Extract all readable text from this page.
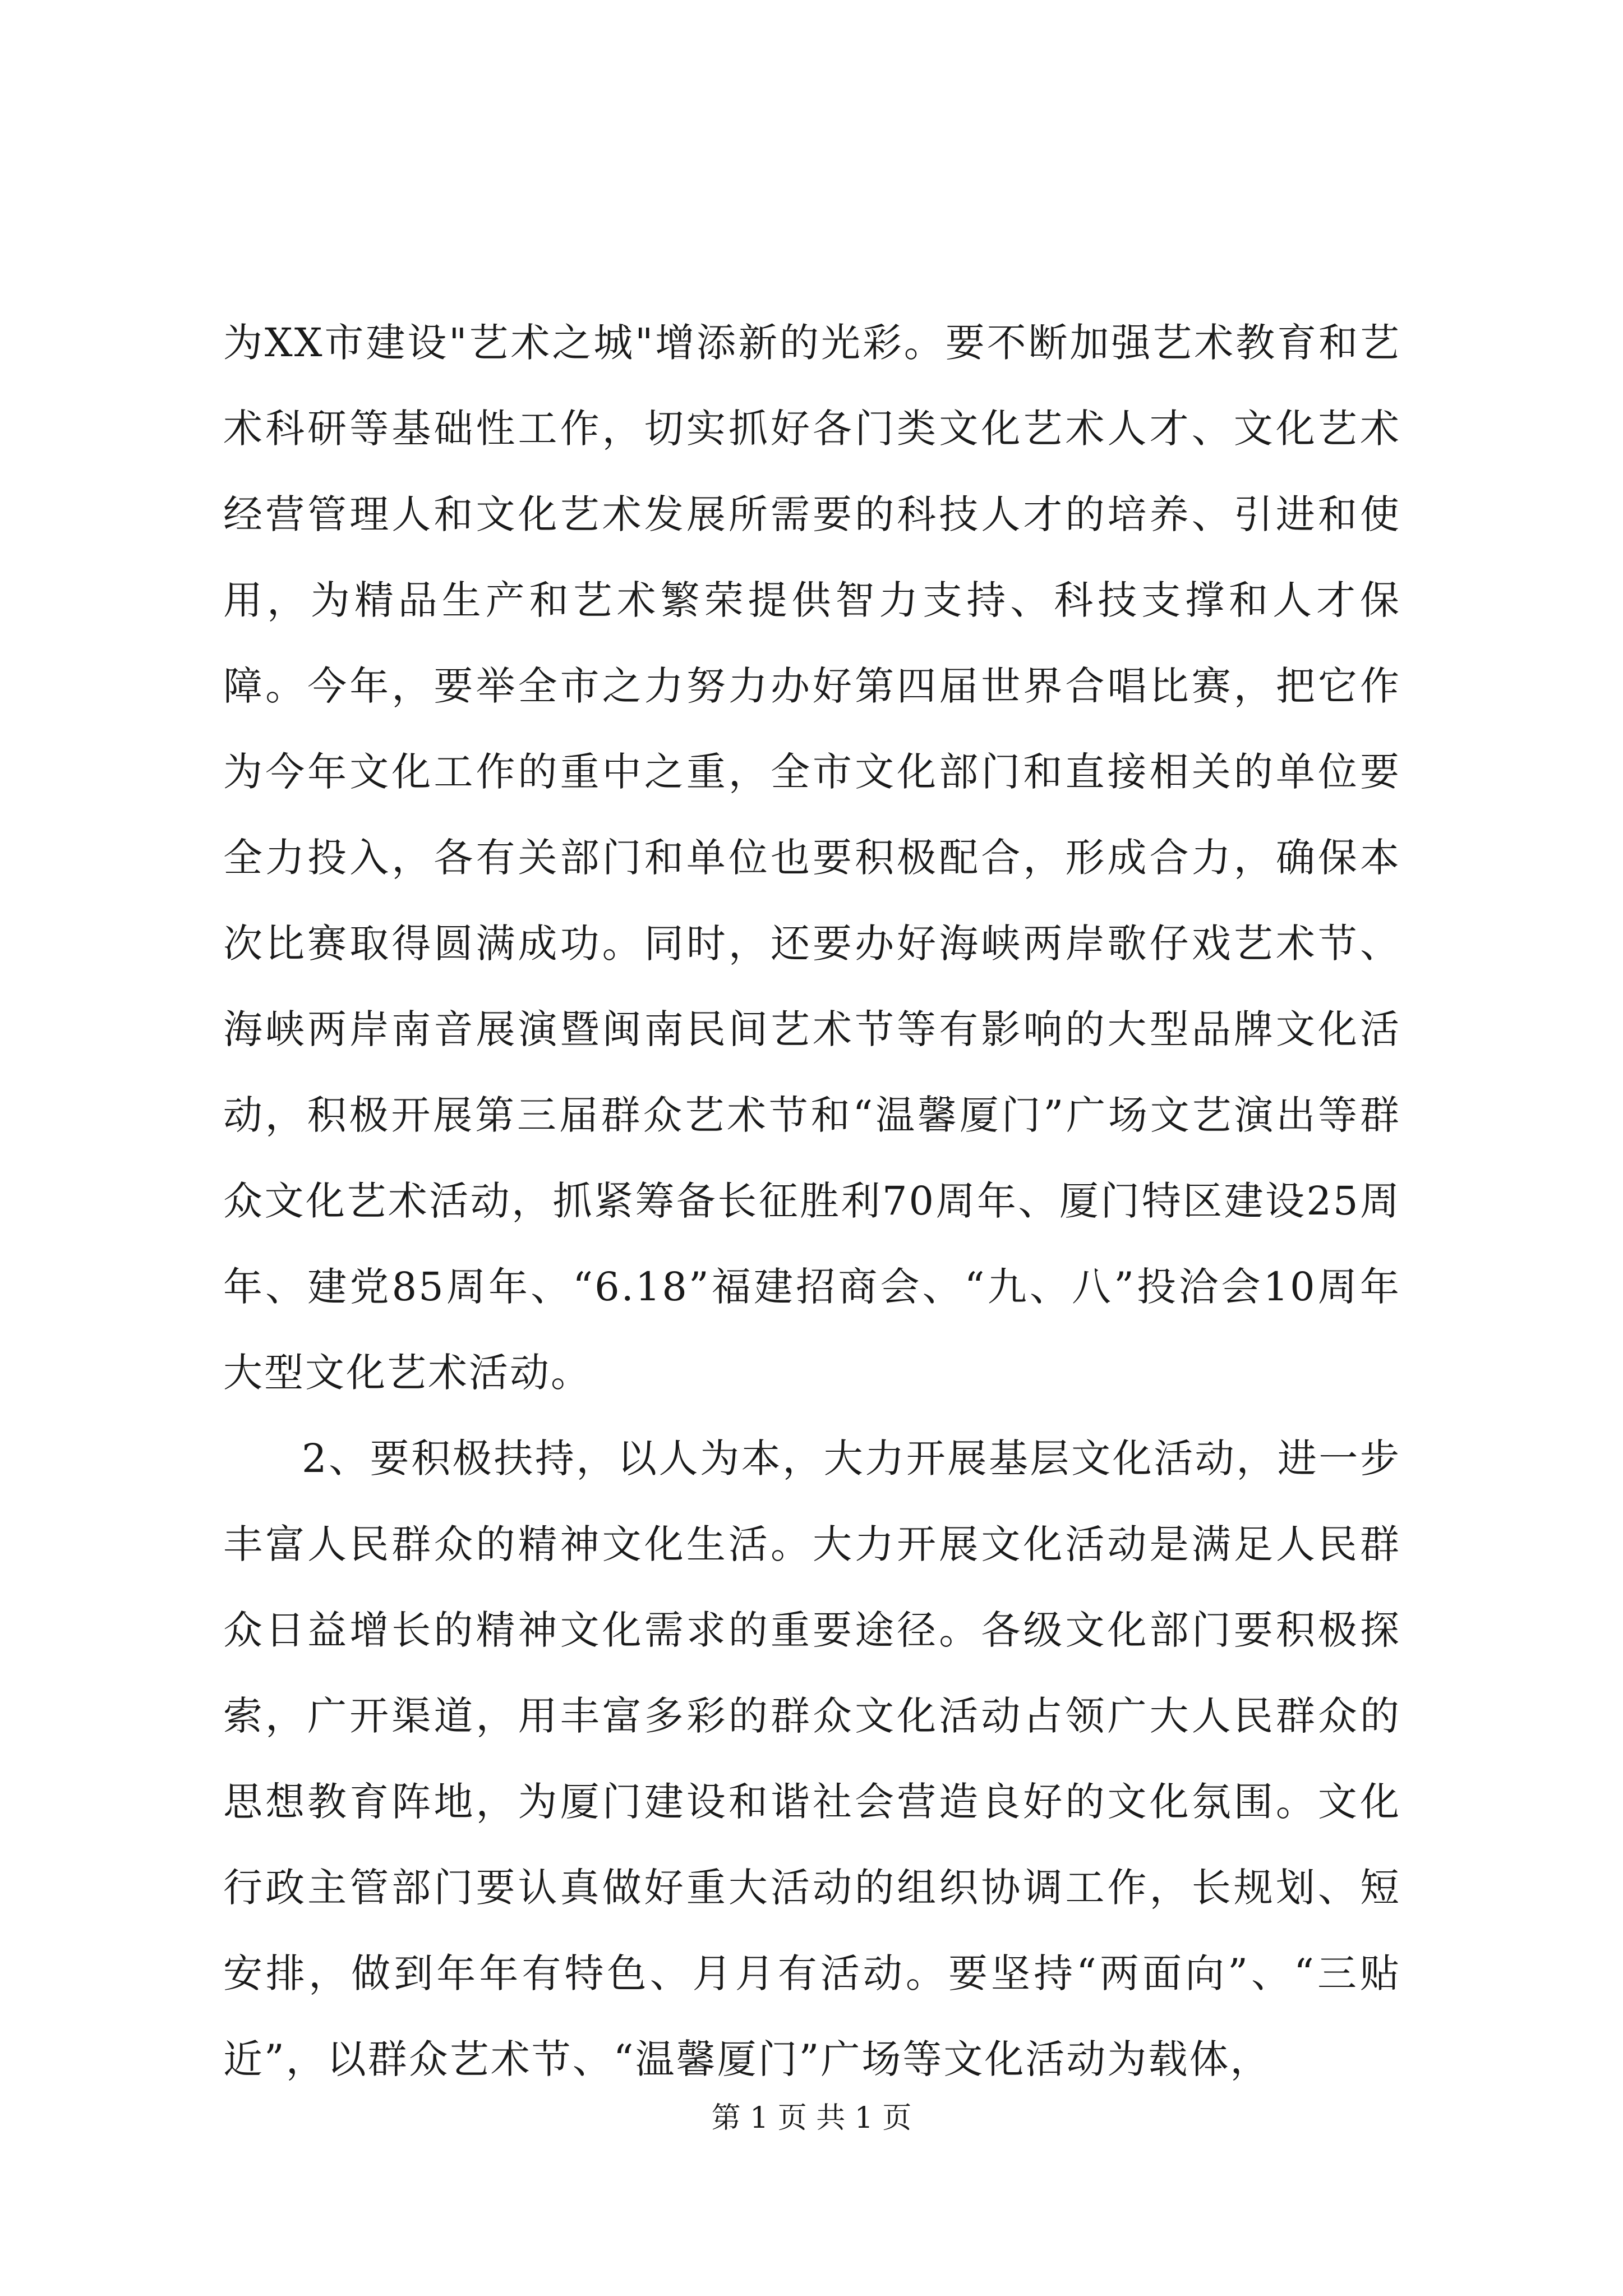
为XX市建设"艺术之城"增添新的光彩。要不断加强艺术教育和艺术科研等基础性工作，切实抓好各门类文化艺术人才、文化艺术经营管理人和文化艺术发展所需要的科技人才的培养、引进和使用，为精品生产和艺术繁荣提供智力支持、科技支撑和人才保障。今年，要举全市之力努力办好第四届世界合唱比赛，把它作为今年文化工作的重中之重，全市文化部门和直接相关的单位要全力投入，各有关部门和单位也要积极配合，形成合力，确保本次比赛取得圆满成功。同时，还要办好海峡两岸歌仔戏艺术节、海峡两岸南音展演暨闽南民间艺术节等有影响的大型品牌文化活动，积极开展第三届群众艺术节和“温馨厦门”广场文艺演出等群众文化艺术活动，抓紧筹备长征胜利70周年、厦门特区建设25周年、建党85周年、“6.18”福建招商会、“九、八”投洽会10周年大型文化艺术活动。

2、要积极扶持，以人为本，大力开展基层文化活动，进一步丰富人民群众的精神文化生活。大力开展文化活动是满足人民群众日益增长的精神文化需求的重要途径。各级文化部门要积极探索，广开渠道，用丰富多彩的群众文化活动占领广大人民群众的思想教育阵地，为厦门建设和谐社会营造良好的文化氛围。文化行政主管部门要认真做好重大活动的组织协调工作，长规划、短安排，做到年年有特色、月月有活动。要坚持“两面向”、“三贴近”，以群众艺术节、“温馨厦门”广场等文化活动为载体，

第 1 页 共 1 页
